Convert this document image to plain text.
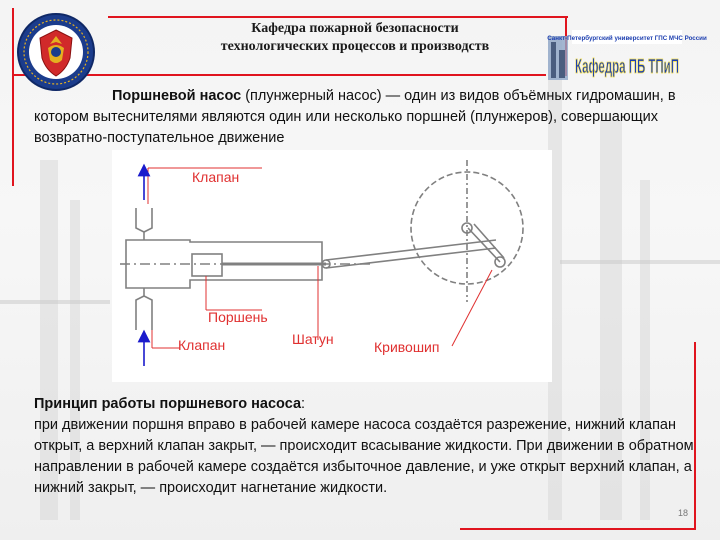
Кафедра пожарной безопасности
технологических процессов и производств
Санкт-Петербургский университет ГПС МЧС России
Кафедра ПБ ТПиП
Поршневой насос (плунжерный насос) — один из видов объёмных гидромашин, в котором вытеснителями являются один или несколько поршней (плунжеров), совершающих возвратно-поступательное движение
Клапан
Поршень
Клапан	Шатун	Кривошип
Принцип работы поршневого насоса:
при движении поршня вправо в рабочей камере насоса создаётся разрежение, нижний клапан открыт, а верхний клапан закрыт, — происходит всасывание жидкости. При движении в обратном направлении в рабочей камере создаётся избыточное давление, и уже открыт верхний клапан, а нижний закрыт, — происходит нагнетание жидкости.
18
